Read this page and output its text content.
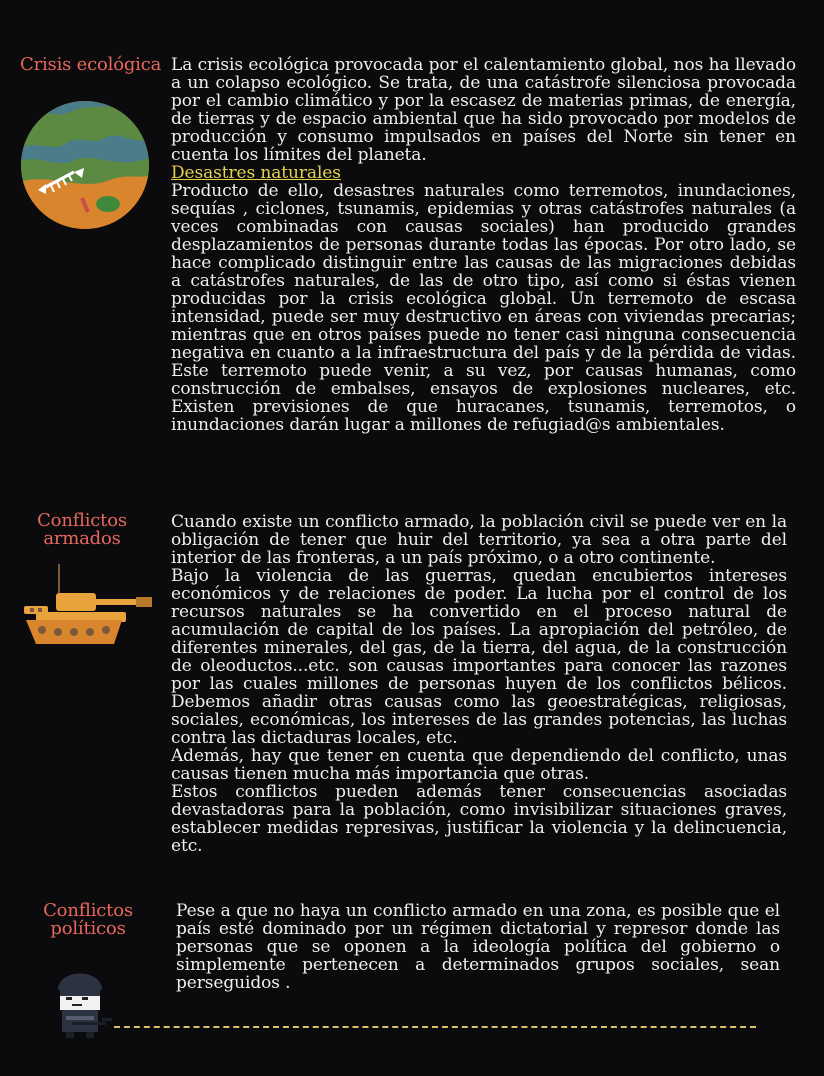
Crisis ecológica La crisis ecológica provocada por el calentamiento global, nos ha llevado a un colapso ecológico. Se trata, de una catástrofe silenciosa provocada por el cambio climático y por la escasez de materias primas, de energía, de tierras y de espacio ambiental que ha sido provocado por modelos de producción y consumo impulsados en países del Norte sin tener en cuenta los límites del planeta.

Desastres naturales

Producto de ello, desastres naturales como terremotos, inundaciones, sequías , ciclones, tsunamis, epidemias y otras catástrofes naturales (a veces combinadas con causas sociales) han producido grandes desplazamientos de personas durante todas las épocas. Por otro lado, se hace complicado distinguir entre las causas de las migraciones debidas a catástrofes naturales, de las de otro tipo, así como si éstas vienen producidas por la crisis ecológica global. Un terremoto de escasa intensidad, puede ser muy destructivo en áreas con viviendas precarias; mientras que en otros países puede no tener casi ninguna consecuencia negativa en cuanto a la infraestructura del país y de la pérdida de vidas. Este terremoto puede venir, a su vez, por causas humanas, como construcción de embalses, ensayos de explosiones nucleares, etc. Existen previsiones de que huracanes, tsunamis, terremotos, o inundaciones darán lugar a millones de refugiad@s ambientales.

Conflictos
armados

Cuando existe un conflicto armado, la población civil se puede ver en la obligación de tener que huir del territorio, ya sea a otra parte del interior de las fronteras, a un país próximo, o a otro continente.

Bajo la violencia de las guerras, quedan encubiertos intereses económicos y de relaciones de poder. La lucha por el control de los recursos naturales se ha convertido en el proceso natural de acumulación de capital de los países. La apropiación del petróleo, de diferentes minerales, del gas, de la tierra, del agua, de la construcción de oleoductos...etc. son causas importantes para conocer las razones por las cuales millones de personas huyen de los conflictos bélicos. Debemos añadir otras causas como las geoestratégicas, religiosas, sociales, económicas, los intereses de las grandes potencias, las luchas contra las dictaduras locales, etc.

Además, hay que tener en cuenta que dependiendo del conflicto, unas causas tienen mucha más importancia que otras.

Estos conflictos pueden además tener consecuencias asociadas devastadoras para la población, como invisibilizar situaciones graves, establecer medidas represivas, justificar la violencia y la delincuencia, etc.

Conflictos
políticos

Pese a que no haya un conflicto armado en una zona, es posible que el país esté dominado por un régimen dictatorial y represor donde las personas que se oponen a la ideología política del gobierno o simplemente pertenecen a determinados grupos sociales, sean perseguidos .
